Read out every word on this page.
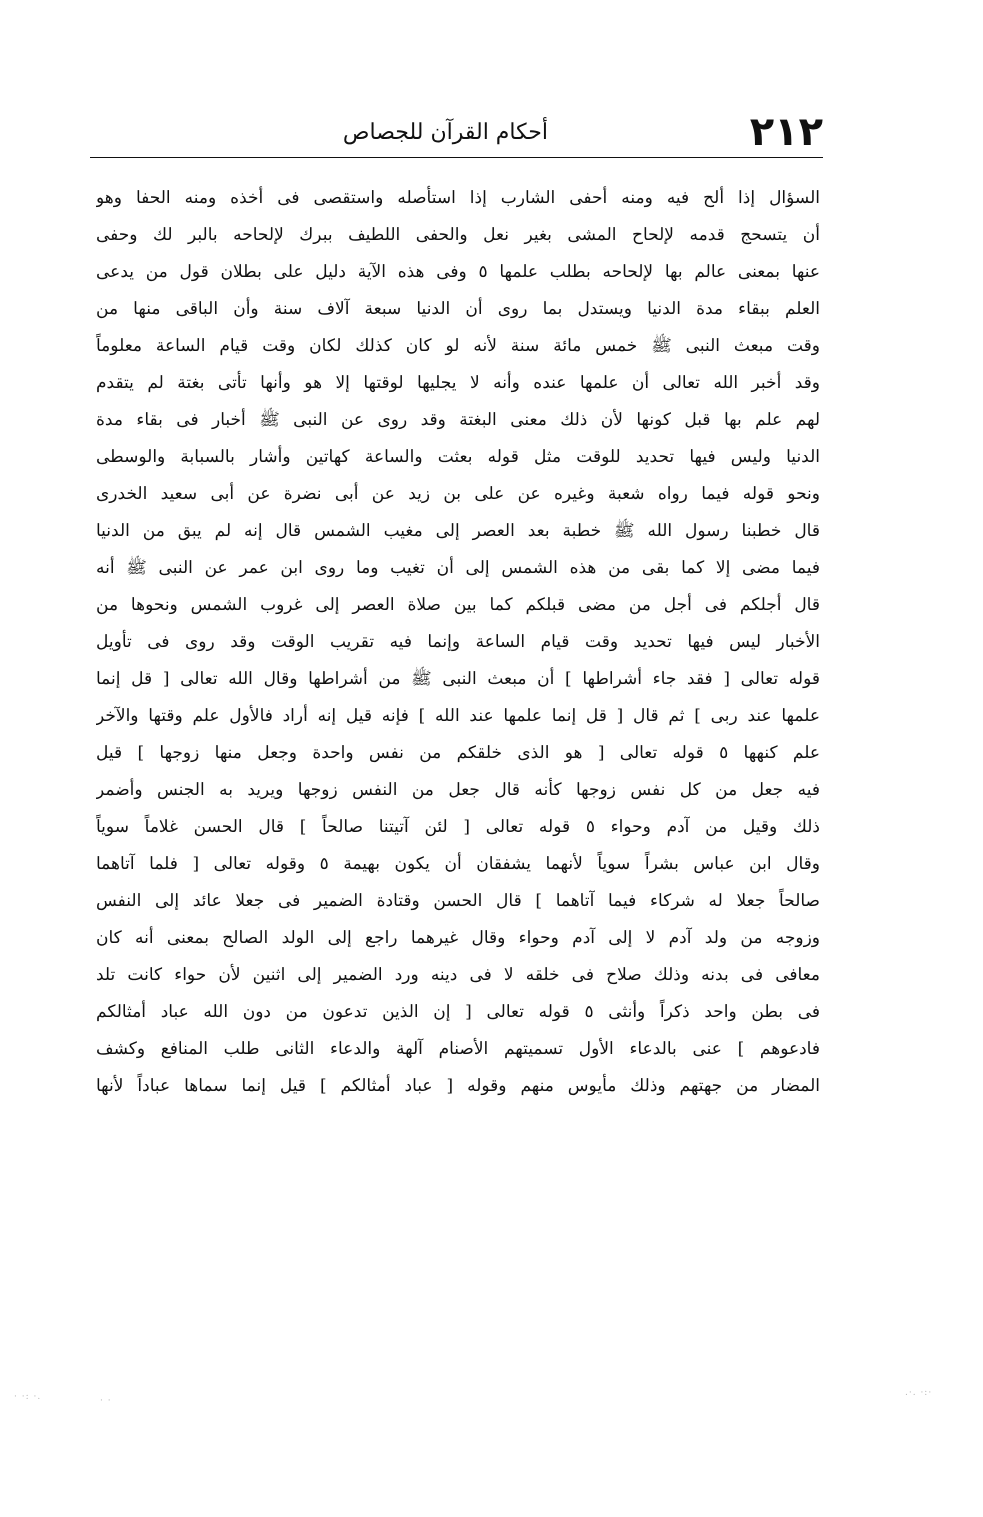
٢١٢
أحكام القرآن للجصاص
السؤال إذا ألح فيه ومنه أحفى الشارب إذا استأصله واستقصى فى أخذه ومنه الحفا وهو
أن يتسحج قدمه لإلحاح المشى بغير نعل والحفى اللطيف ببرك لإلحاحه بالبر لك وحفى
عنها بمعنى عالم بها لإلحاحه بطلب علمها ٥ وفى هذه الآية دليل على بطلان قول من يدعى
العلم ببقاء مدة الدنيا ويستدل بما روى أن الدنيا سبعة آلاف سنة وأن الباقى منها من
وقت مبعث النبى ﷺ خمس مائة سنة لأنه لو كان كذلك لكان وقت قيام الساعة معلوماً
وقد أخبر الله تعالى أن علمها عنده وأنه لا يجليها لوقتها إلا هو وأنها تأتى بغتة لم يتقدم
لهم علم بها قبل كونها لأن ذلك معنى البغتة وقد روى عن النبى ﷺ أخبار فى بقاء مدة
الدنيا وليس فيها تحديد للوقت مثل قوله بعثت والساعة كهاتين وأشار بالسبابة والوسطى
ونحو قوله فيما رواه شعبة وغيره عن على بن زيد عن أبى نضرة عن أبى سعيد الخدرى
قال خطبنا رسول الله ﷺ خطبة بعد العصر إلى مغيب الشمس قال إنه لم يبق من الدنيا
فيما مضى إلا كما بقى من هذه الشمس إلى أن تغيب وما روى ابن عمر عن النبى ﷺ أنه
قال أجلكم فى أجل من مضى قبلكم كما بين صلاة العصر إلى غروب الشمس ونحوها من
الأخبار ليس فيها تحديد وقت قيام الساعة وإنما فيه تقريب الوقت وقد روى فى تأويل
قوله تعالى [ فقد جاء أشراطها ] أن مبعث النبى ﷺ من أشراطها وقال الله تعالى [ قل إنما
علمها عند ربى ] ثم قال [ قل إنما علمها عند الله ] فإنه قيل إنه أراد فالأول علم وقتها والآخر
علم كنهها ٥ قوله تعالى [ هو الذى خلقكم من نفس واحدة وجعل منها زوجها ] قيل
فيه جعل من كل نفس زوجها كأنه قال جعل من النفس زوجها ويريد به الجنس وأضمر
ذلك وقيل من آدم وحواء ٥ قوله تعالى [ لئن آتيتنا صالحاً ] قال الحسن غلاماً سوياً
وقال ابن عباس بشراً سوياً لأنهما يشفقان أن يكون بهيمة ٥ وقوله تعالى [ فلما آتاهما
صالحاً جعلا له شركاء فيما آتاهما ] قال الحسن وقتادة الضمير فى جعلا عائد إلى النفس
وزوجه من ولد آدم لا إلى آدم وحواء وقال غيرهما راجع إلى الولد الصالح بمعنى أنه كان
معافى فى بدنه وذلك صلاح فى خلقه لا فى دينه ورد الضمير إلى اثنين لأن حواء كانت تلد
فى بطن واحد ذكراً وأنثى ٥ قوله تعالى [ إن الذين تدعون من دون الله عباد أمثالكم
فادعوهم ] عنى بالدعاء الأول تسميتهم الأصنام آلهة والدعاء الثانى طلب المنافع وكشف
المضار من جهتهم وذلك مأيوس منهم وقوله [ عباد أمثالكم ] قيل إنما سماها عباداً لأنها
· ·: ·.	· ·
.·. ·:·
